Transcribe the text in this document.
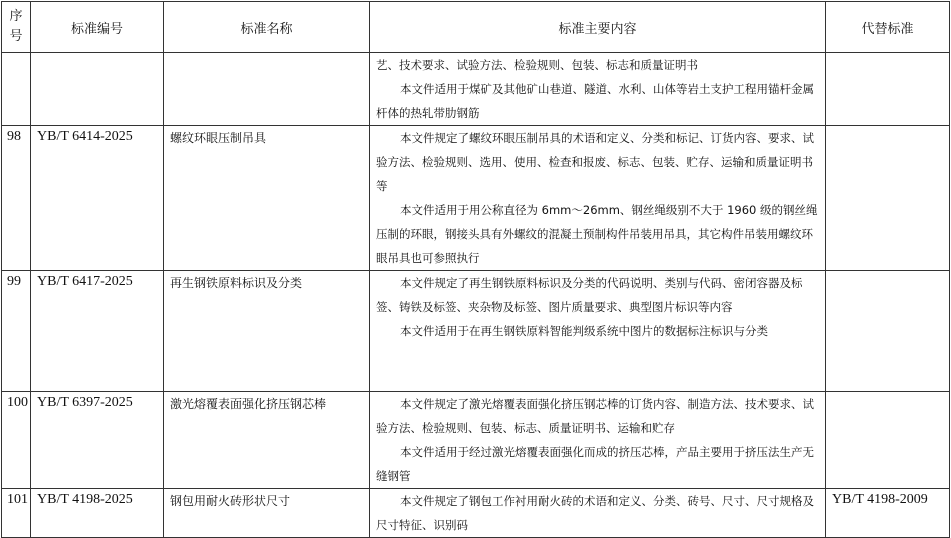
序
号	标准编号	标准名称	标准主要内容	代替标准

			艺、技术要求、试验方法、检验规则、包装、标志和质量证明书

本文件适用于煤矿及其他矿山巷道、隧道、水利、山体等岩土支护工程用锚杆金属杆体的热轧带肋钢筋	

98	YB/T 6414-2025	螺纹环眼压制吊具	本文件规定了螺纹环眼压制吊具的术语和定义、分类和标记、订货内容、要求、试验方法、检验规则、选用、使用、检查和报废、标志、包装、贮存、运输和质量证明书等

本文件适用于用公称直径为 6mm～26mm、钢丝绳级别不大于 1960 级的钢丝绳压制的环眼，钢接头具有外螺纹的混凝土预制构件吊装用吊具，其它构件吊装用螺纹环眼吊具也可参照执行	

99	YB/T 6417-2025	再生钢铁原料标识及分类	本文件规定了再生钢铁原料标识及分类的代码说明、类别与代码、密闭容器及标签、铸铁及标签、夹杂物及标签、图片质量要求、典型图片标识等内容

本文件适用于在再生钢铁原料智能判级系统中图片的数据标注标识与分类	

100	YB/T 6397-2025	激光熔覆表面强化挤压钢芯棒	本文件规定了激光熔覆表面强化挤压钢芯棒的订货内容、制造方法、技术要求、试验方法、检验规则、包装、标志、质量证明书、运输和贮存

本文件适用于经过激光熔覆表面强化而成的挤压芯棒，产品主要用于挤压法生产无缝钢管	

101	YB/T 4198-2025	钢包用耐火砖形状尺寸	本文件规定了钢包工作衬用耐火砖的术语和定义、分类、砖号、尺寸、尺寸规格及尺寸特征、识别码	YB/T 4198-2009
